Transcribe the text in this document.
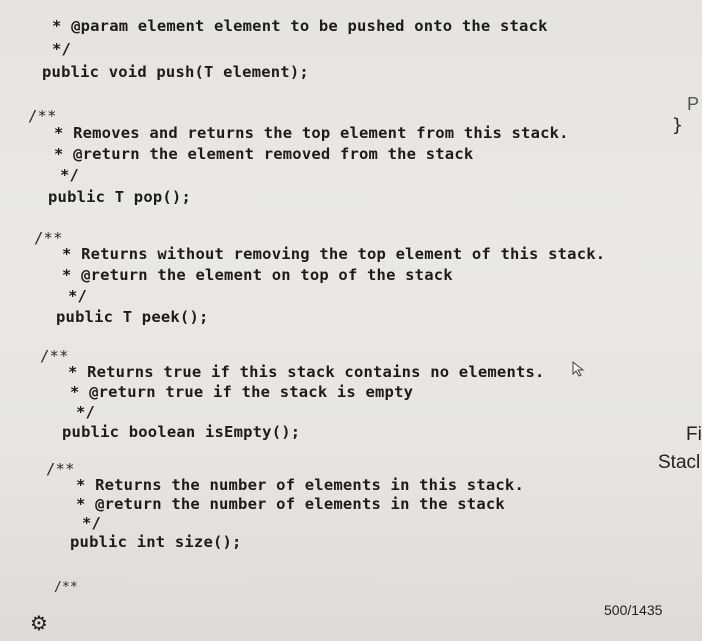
* @param element element to be pushed onto the stack
*/
public void push(T element);
/**
* Removes and returns the top element from this stack.
* @return the element removed from the stack
*/
public T pop();
/**
* Returns without removing the top element of this stack.
* @return the element on top of the stack
*/
public T peek();
/**
* Returns true if this stack contains no elements.
* @return true if the stack is empty
*/
public boolean isEmpty();
/**
* Returns the number of elements in this stack.
* @return the number of elements in the stack
*/
public int size();
/**
P
}
Fi
Stacl
⚙
500/1435
